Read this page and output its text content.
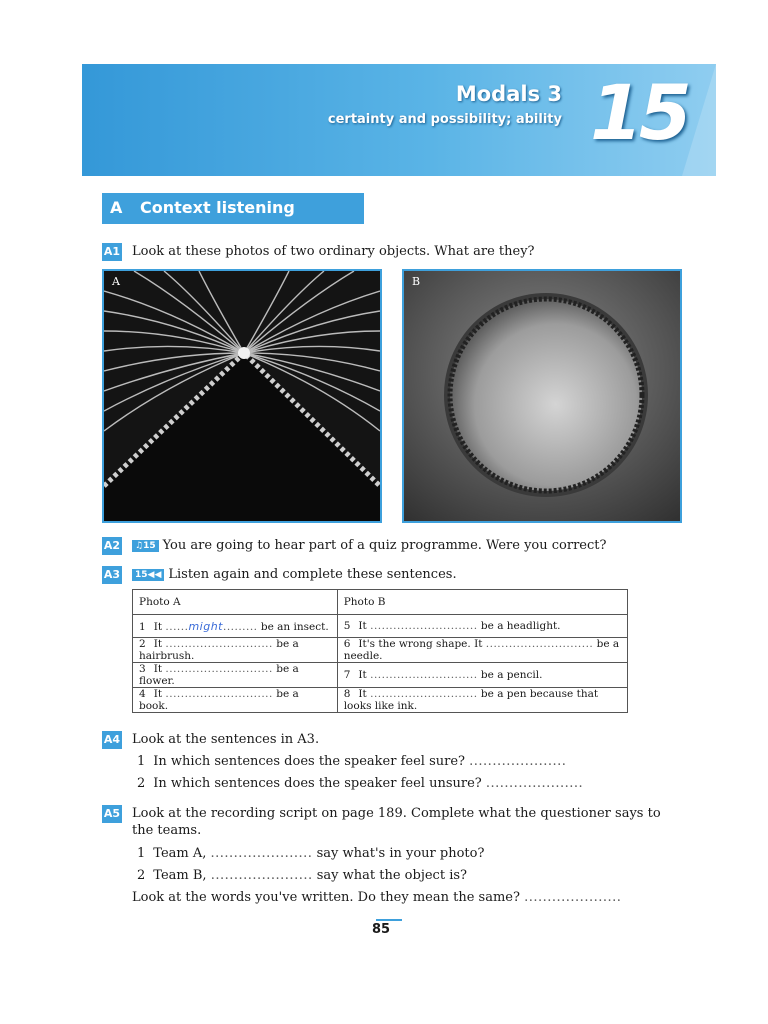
Modals 3
certainty and possibility; ability 15
A Context listening
A1 Look at these photos of two ordinary objects. What are they?
A	B
A2	♫15 You are going to hear part of a quiz programme. Were you correct?
A3	15◀◀ Listen again and complete these sentences.
Photo A	Photo B
1 It ......might......... be an insect.	5 It ............................ be a headlight.
2 It ............................ be a hairbrush.	6 It's the wrong shape. It ............................ be a needle.
3 It ............................ be a flower.	7 It ............................ be a pencil.
4 It ............................ be a book.	8 It ............................ be a pen because that looks like ink.
A4 Look at the sentences in A3.
1 In which sentences does the speaker feel sure? .....................
2 In which sentences does the speaker feel unsure? .....................
A5 Look at the recording script on page 189. Complete what the questioner says to
the teams.
1 Team A, ...................... say what's in your photo?
2 Team B, ...................... say what the object is?
Look at the words you've written. Do they mean the same? .....................
85
